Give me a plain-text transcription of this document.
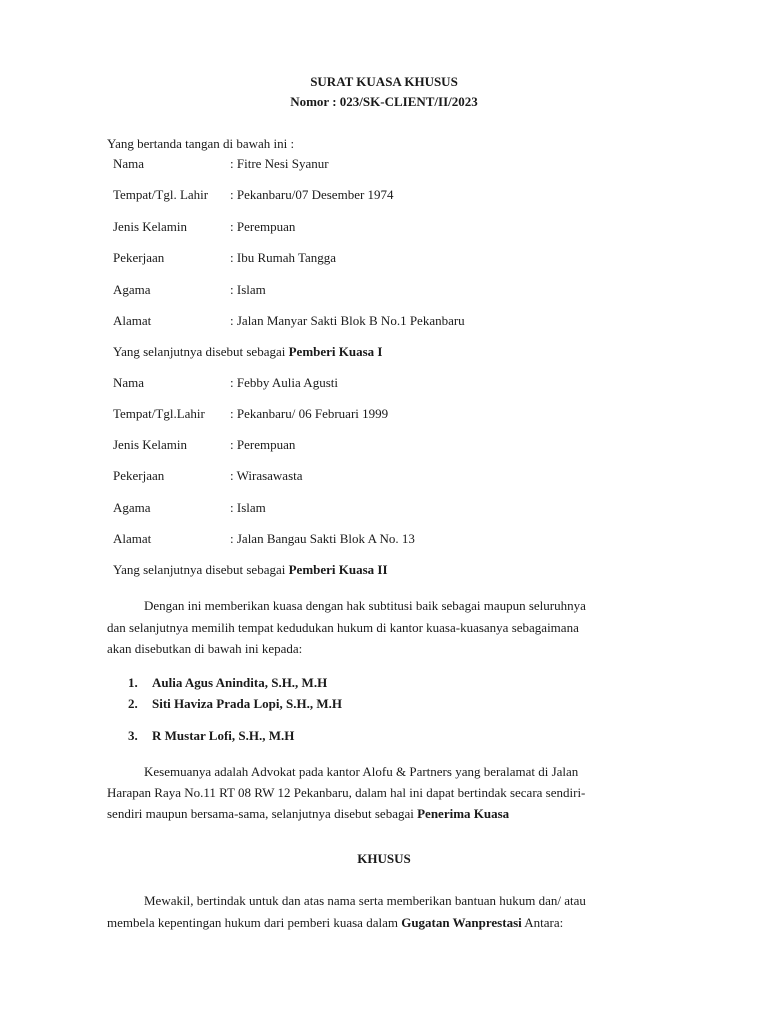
SURAT KUASA KHUSUS
Nomor : 023/SK-CLIENT/II/2023
Yang bertanda tangan di bawah ini :
Nama	: Fitre Nesi Syanur
Tempat/Tgl. Lahir : Pekanbaru/07 Desember 1974
Jenis Kelamin	: Perempuan
Pekerjaan	: Ibu Rumah Tangga
Agama	: Islam
Alamat	: Jalan Manyar Sakti Blok B No.1 Pekanbaru
Yang selanjutnya disebut sebagai Pemberi Kuasa I
Nama	: Febby Aulia Agusti
Tempat/Tgl.Lahir : Pekanbaru/ 06 Februari 1999
Jenis Kelamin	: Perempuan
Pekerjaan	: Wirasawasta
Agama	: Islam
Alamat	: Jalan Bangau Sakti Blok A No. 13
Yang selanjutnya disebut sebagai Pemberi Kuasa II
Dengan ini memberikan kuasa dengan hak subtitusi baik sebagai maupun seluruhnya
dan selanjutnya memilih tempat kedudukan hukum di kantor kuasa-kuasanya sebagaimana
akan disebutkan di bawah ini kepada:
1. Aulia Agus Anindita, S.H., M.H
2. Siti Haviza Prada Lopi, S.H., M.H
3. R Mustar Lofi, S.H., M.H
Kesemuanya adalah Advokat pada kantor Alofu & Partners yang beralamat di Jalan
Harapan Raya No.11 RT 08 RW 12 Pekanbaru, dalam hal ini dapat bertindak secara sendiri-
sendiri maupun bersama-sama, selanjutnya disebut sebagai Penerima Kuasa
KHUSUS
Mewakil, bertindak untuk dan atas nama serta memberikan bantuan hukum dan/ atau
membela kepentingan hukum dari pemberi kuasa dalam Gugatan Wanprestasi Antara:
